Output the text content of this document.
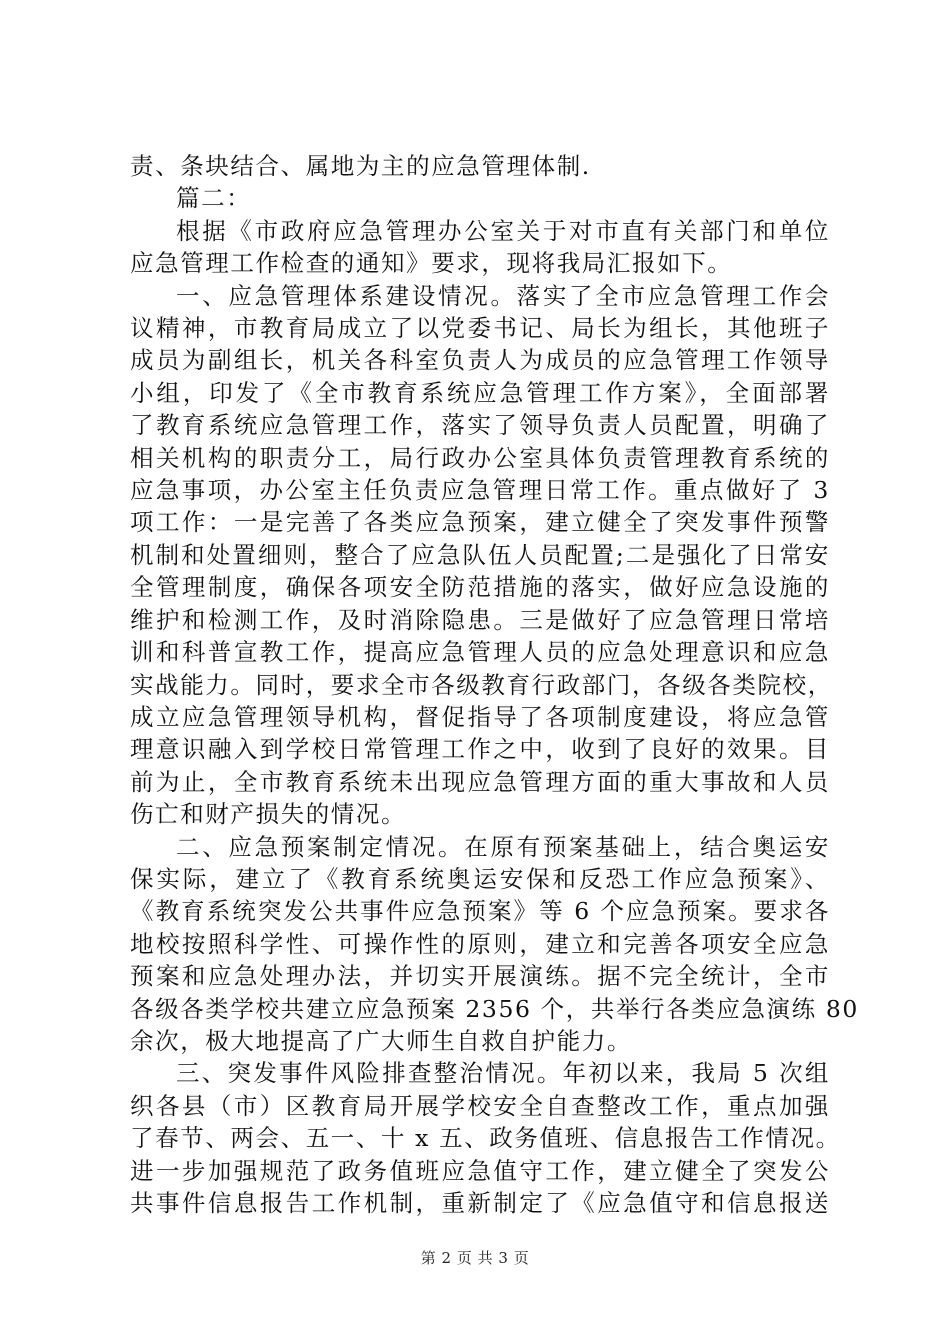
责、条块结合、属地为主的应急管理体制.
篇二：
根据《市政府应急管理办公室关于对市直有关部门和单位
应急管理工作检查的通知》要求，现将我局汇报如下。
一、应急管理体系建设情况。落实了全市应急管理工作会
议精神，市教育局成立了以党委书记、局长为组长，其他班子
成员为副组长，机关各科室负责人为成员的应急管理工作领导
小组，印发了《全市教育系统应急管理工作方案》，全面部署
了教育系统应急管理工作，落实了领导负责人员配置，明确了
相关机构的职责分工，局行政办公室具体负责管理教育系统的
应急事项，办公室主任负责应急管理日常工作。重点做好了 3
项工作：一是完善了各类应急预案，建立健全了突发事件预警
机制和处置细则，整合了应急队伍人员配置;二是强化了日常安
全管理制度，确保各项安全防范措施的落实，做好应急设施的
维护和检测工作，及时消除隐患。三是做好了应急管理日常培
训和科普宣教工作，提高应急管理人员的应急处理意识和应急
实战能力。同时，要求全市各级教育行政部门，各级各类院校，
成立应急管理领导机构，督促指导了各项制度建设，将应急管
理意识融入到学校日常管理工作之中，收到了良好的效果。目
前为止，全市教育系统未出现应急管理方面的重大事故和人员
伤亡和财产损失的情况。
二、应急预案制定情况。在原有预案基础上，结合奥运安
保实际，建立了《教育系统奥运安保和反恐工作应急预案》、
《教育系统突发公共事件应急预案》等 6 个应急预案。要求各
地校按照科学性、可操作性的原则，建立和完善各项安全应急
预案和应急处理办法，并切实开展演练。据不完全统计，全市
各级各类学校共建立应急预案 2356 个，共举行各类应急演练 80
余次，极大地提高了广大师生自救自护能力。
三、突发事件风险排查整治情况。年初以来，我局 5 次组
织各县（市）区教育局开展学校安全自查整改工作，重点加强
了春节、两会、五一、十 x 五、政务值班、信息报告工作情况。
进一步加强规范了政务值班应急值守工作，建立健全了突发公
共事件信息报告工作机制，重新制定了《应急值守和信息报送
第 2 页 共 3 页
